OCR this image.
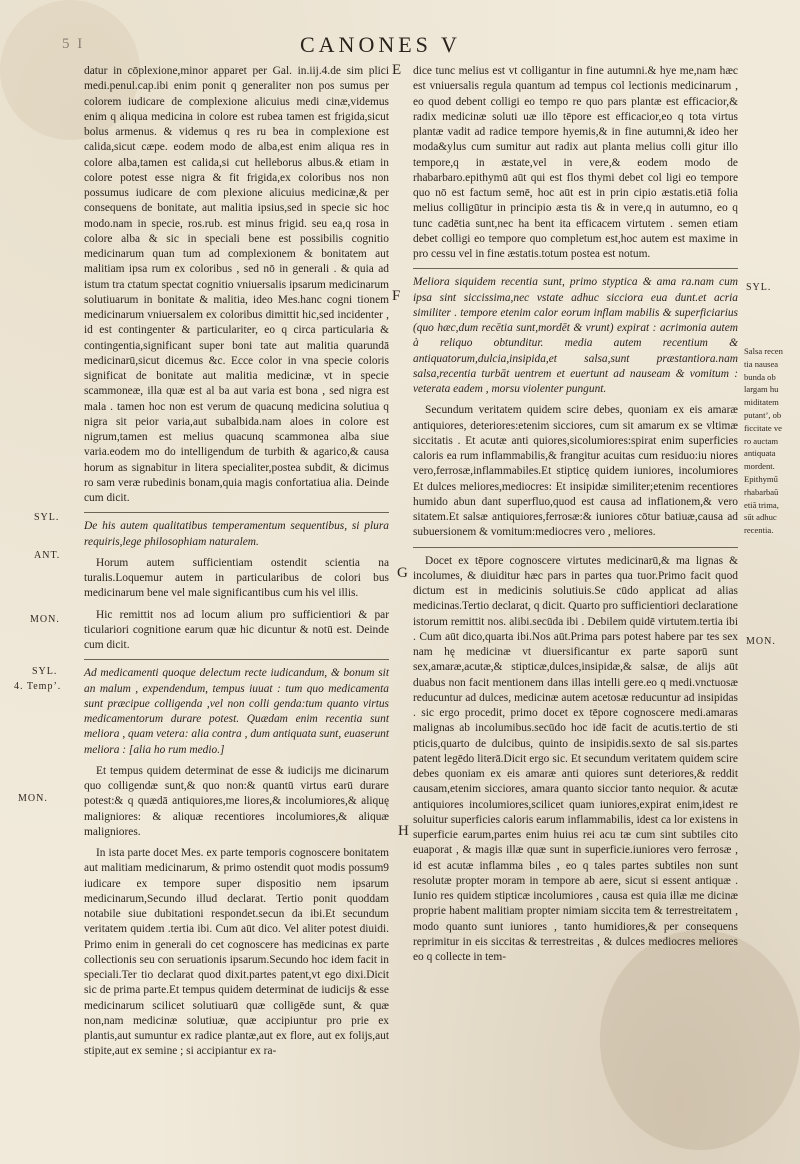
5 I	CANONES V

datur in cōplexione,minor apparet per Gal. in.iij.4.de sim plici medi.penul.cap.ibi enim ponit q generaliter non pos sumus per colorem iudicare de complexione alicuius medi cinæ,videmus enim q aliqua medicina in colore est rubea tamen est frigida,sicut bolus armenus. & videmus q res ru bea in complexione est calida,sicut cæpe. eodem modo de alba,est enim aliqua res in colore alba,tamen est calida,si cut helleborus albus.& etiam in colore potest esse nigra & fit frigida,ex coloribus nos non possumus iudicare de com plexione alicuius medicinæ,& per consequens de bonitate, aut malitia ipsius,sed in specie sic hoc modo.nam in specie, ros.rub. est minus frigid. seu ea,q rosa in colore alba & sic in speciali bene est possibilis cognitio medicinarum quan tum ad complexionem & bonitatem aut malitiam ipsa rum ex coloribus , sed nō in generali . & quia ad istum tra ctatum spectat cognitio vniuersalis ipsarum medicinarum solutiuarum in bonitate & malitia, ideo Mes.hanc cogni tionem medicinarum vniuersalem ex coloribus dimittit hic,sed incidenter , id est contingenter & particulariter, eo q circa particularia & contingentia,significant super boni tate aut malitia quarundā medicinarū,sicut dicemus &c. Ecce color in vna specie coloris significat de bonitate aut malitia medicinæ, vt in specie scammoneæ, illa quæ est al ba aut varia est bona , sed nigra est mala . tamen hoc non est verum de quacunq medicina solutiua q nigra sit peior varia,aut subalbida.nam aloes in colore est nigrum,tamen est melius quacunq scammonea alba siue varia.eodem mo do intelligendum de turbith & agarico,& causa horum as signabitur in litera specialiter,postea subdit, & dicimus ro sam veræ rubedinis bonam,quia magis confortatiua alia. Deinde cum dicit.

De his autem qualitatibus temperamentum sequentibus, si plura requiris,lege philosophiam naturalem.

Horum autem sufficientiam ostendit scientia na turalis.Loquemur autem in particularibus de colori bus medicinarum bene vel male significantibus cum his vel illis.

Hic remittit nos ad locum alium pro sufficientiori & par ticulariori cognitione earum quæ hic dicuntur & notū est. Deinde cum dicit.

Ad medicamenti quoque delectum recte iudicandum, & bonum sit an malum , expendendum, tempus iuuat : tum quo medicamenta sunt præcipue colligenda ,vel non colli genda:tum quanto virtus medicamentorum durare potest. Quædam enim recentia sunt meliora , quam vetera: alia contra , dum antiquata sunt, euaserunt meliora : [alia ho rum medio.]

Et tempus quidem determinat de esse & iudicijs me dicinarum quo colligendæ sunt,& quo non:& quantū virtus earū durare potest:& q quædā antiquiores,me liores,& incolumiores,& aliquę maligniores: & aliquæ recentiores incolumiores,& aliquæ maligniores.

In ista parte docet Mes. ex parte temporis cognoscere bonitatem aut malitiam medicinarum, & primo ostendit quot modis possum9 iudicare ex tempore super dispositio nem ipsarum medicinarum,Secundo illud declarat. Tertio ponit quoddam notabile siue dubitationi respondet.secun da ibi.Et secundum veritatem quidem .tertia ibi. Cum aūt dico. Vel aliter potest diuidi. Primo enim in generali do cet cognoscere has medicinas ex parte collectionis seu con seruationis ipsarum.Secundo hoc idem facit in speciali.Ter tio declarat quod dixit.partes patent,vt ego dixi.Dicit sic de prima parte.Et tempus quidem determinat de iudicijs & esse medicinarum scilicet solutiuarū quæ colligēde sunt, & quæ non,nam medicinæ solutiuæ, quæ accipiuntur pro prie ex plantis,aut sumuntur ex radice plantæ,aut ex flore, aut ex folijs,aut stipite,aut ex semine ; si accipiantur ex ra-

dice tunc melius est vt colligantur in fine autumni.& hye me,nam hæc est vniuersalis regula quantum ad tempus col lectionis medicinarum , eo quod debent colligi eo tempo re quo pars plantæ est efficacior,& radix medicinæ soluti uæ illo tēpore est efficacior,eo q tota virtus plantæ vadit ad radice tempore hyemis,& in fine autumni,& ideo her moda&ylus cum sumitur aut radix aut planta melius colli gitur illo tempore,q in æstate,vel in vere,& eodem modo de rhabarbaro.epithymū aūt qui est flos thymi debet col ligi eo tempore quo nō est factum semē, hoc aūt est in prin cipio æstatis.etiā folia melius colligūtur in principio æsta tis & in vere,q in autumno, eo q tunc cadētia sunt,nec ha bent ita efficacem virtutem . semen etiam debet colligi eo tempore quo completum est,hoc autem est maxime in pro cessu vel in fine æstatis.totum postea est notum.

Meliora siquidem recentia sunt, primo styptica & ama ra.nam cum ipsa sint siccissima,nec vstate adhuc sicciora eua dunt.et acria similiter . tempore etenim calor eorum inflam mabilis & superficiarius (quo hæc,dum recētia sunt,mordēt & vrunt) expirat : acrimonia autem à reliquo obtunditur. media autem recentium & antiquatorum,dulcia,insipida,et salsa,sunt præstantiora.nam salsa,recentia turbāt uentrem et euertunt ad nauseam & vomitum : veterata eadem , morsu violenter pungunt.

Secundum veritatem quidem scire debes, quoniam ex eis amaræ antiquiores, deteriores:etenim sicciores, cum sit amarum ex se vltimæ siccitatis . Et acutæ anti quiores,sicolumiores:spirat enim superficies caloris ea rum inflammabilis,& frangitur acuitas cum residuo:iu niores vero,ferrosæ,inflammabiles.Et stipticę quidem iuniores, incolumiores Et dulces meliores,mediocres: Et insipidæ similiter;etenim recentiores humido abun dant superfluo,quod est causa ad inflationem,& vero sitatem.Et salsæ antiquiores,ferrosæ:& iuniores cōtur batiuæ,causa ad subuersionem & vomitum:mediocres vero , meliores.

Docet ex tēpore cognoscere virtutes medicinarū,& ma lignas & incolumes, & diuiditur hæc pars in partes qua tuor.Primo facit quod dictum est in medicinis solutiuis.Se cūdo applicat ad alias medicinas.Tertio declarat, q dicit. Quarto pro sufficientiori declaratione istorum remittit nos. alibi.secūda ibi . Debilem quidē virtutem.tertia ibi . Cum aūt dico,quarta ibi.Nos aūt.Prima pars potest habere par tes sex nam hę medicinæ vt diuersificantur ex parte saporū sunt sex,amaræ,acutæ,& stipticæ,dulces,insipidæ,& salsæ, de alijs aūt duabus non facit mentionem dans illas intelli gere.eo q medi.vnctuosæ reducuntur ad dulces, medicinæ autem acetosæ reducuntur ad insipidas . sic ergo procedit, primo docet ex tēpore cognoscere medi.amaras malignas ab incolumibus.secūdo hoc idē facit de acutis.tertio de sti pticis,quarto de dulcibus, quinto de insipidis.sexto de sal sis.partes patent legēdo literā.Dicit ergo sic. Et secundum veritatem quidem scire debes quoniam ex eis amaræ anti quiores sunt deteriores,& reddit causam,etenim sicciores, amara quanto siccior tanto nequior. & acutæ antiquiores incolumiores,scilicet quam iuniores,expirat enim,idest re soluitur superficies caloris earum inflammabilis, idest ca lor existens in superficie earum,partes enim huius rei acu tæ cum sint subtiles cito euaporat , & magis illæ quæ sunt in superficie.iuniores vero ferrosæ , id est acutæ inflamma biles , eo q tales partes subtiles non sunt resolutæ propter moram in tempore ab aere, sicut si essent antiquæ . Iunio res quidem stipticæ incolumiores , causa est quia illæ me dicinæ proprie habent malitiam propter nimiam siccita tem & terrestreitatem , modo quanto sunt iuniores , tanto humidiores,& per consequens reprimitur in eis siccitas & terrestreitas , & dulces mediocres meliores eo q collecte in tem-

E
F
G
H
SYL.
ANT.
MON.
SYL.
4. Temp’.
MON.
SYL.
MON.
Salsa recen
tia nausea
bunda ob
largam hu
miditatem
putant’, ob
ficcitate ve
ro auctam
antiquata
mordent.
Epithymű
rhabarbaŭ
etiă trima,
sűt adhuc
recentia.
